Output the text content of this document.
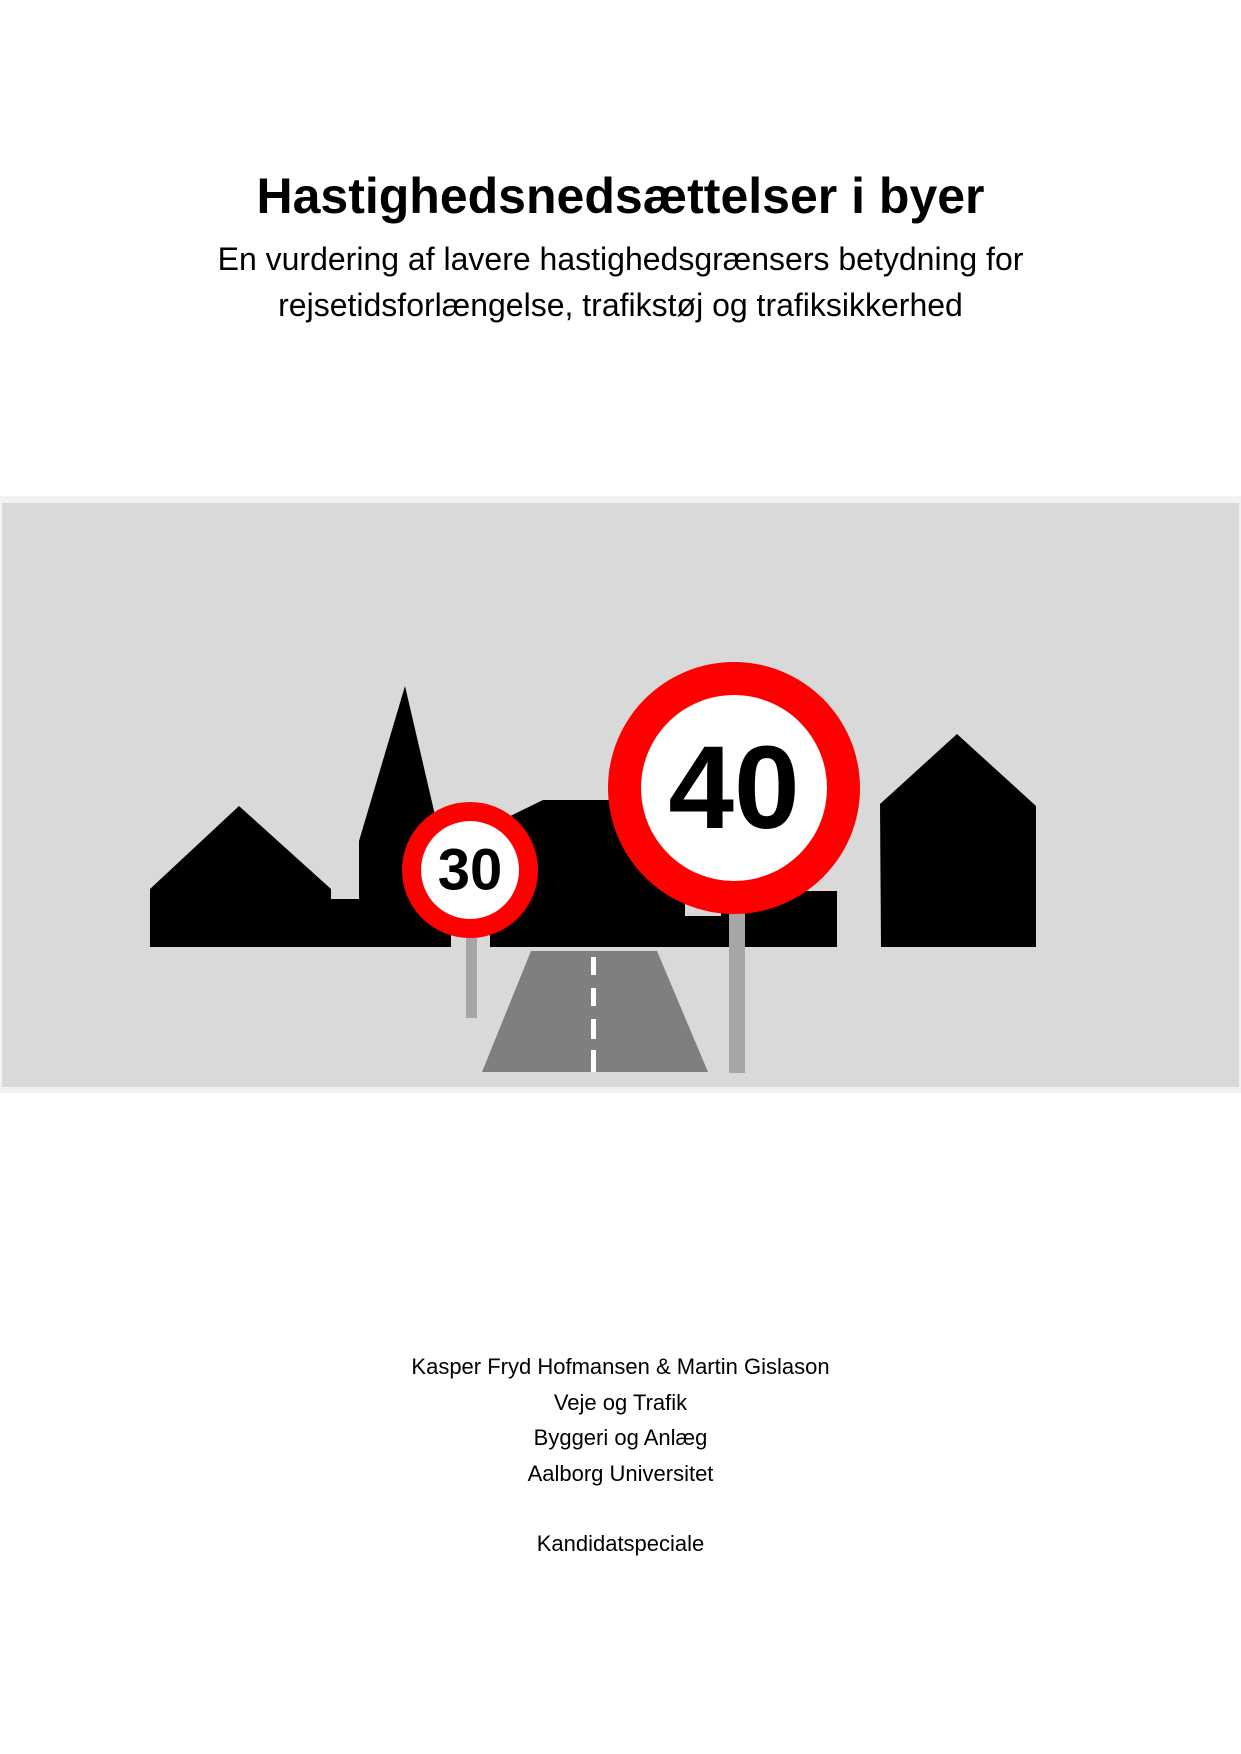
Hastighedsnedsættelser i byer
En vurdering af lavere hastighedsgrænsers betydning for
rejsetidsforlængelse, trafikstøj og trafiksikkerhed
30
40
Kasper Fryd Hofmansen & Martin Gislason
Veje og Trafik
Byggeri og Anlæg
Aalborg Universitet
Kandidatspeciale
